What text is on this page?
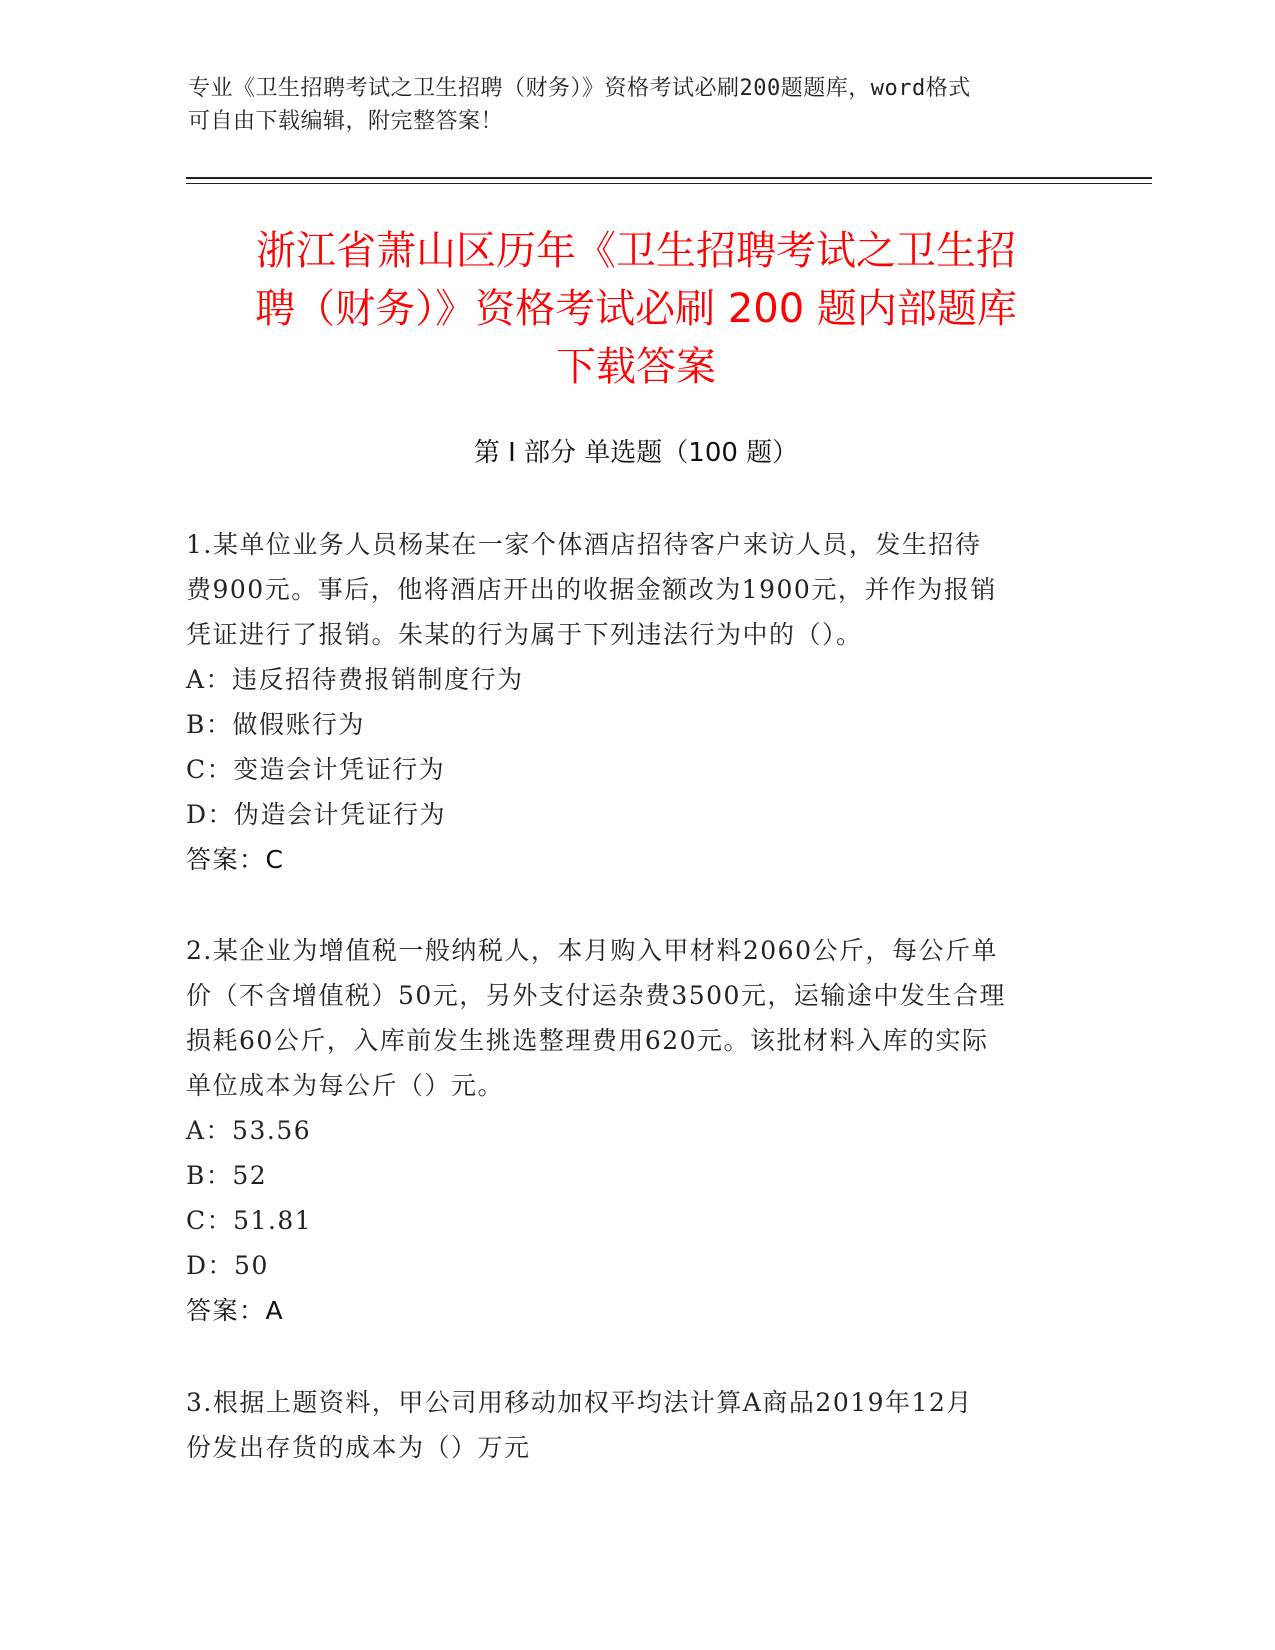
专业《卫生招聘考试之卫生招聘（财务）》资格考试必刷200题题库，word格式
可自由下载编辑，附完整答案！
浙江省萧山区历年《卫生招聘考试之卫生招
聘（财务）》资格考试必刷 200 题内部题库
下载答案
第 I 部分 单选题（100 题）

1.某单位业务人员杨某在一家个体酒店招待客户来访人员，发生招待

费900元。事后，他将酒店开出的收据金额改为1900元，并作为报销

凭证进行了报销。朱某的行为属于下列违法行为中的（）。

A：违反招待费报销制度行为

B：做假账行为

C：变造会计凭证行为

D：伪造会计凭证行为

答案：C

2.某企业为增值税一般纳税人，本月购入甲材料2060公斤，每公斤单

价（不含增值税）50元，另外支付运杂费3500元，运输途中发生合理

损耗60公斤，入库前发生挑选整理费用620元。该批材料入库的实际

单位成本为每公斤（）元。

A：53.56

B：52

C：51.81

D：50

答案：A

3.根据上题资料，甲公司用移动加权平均法计算A商品2019年12月

份发出存货的成本为（）万元
